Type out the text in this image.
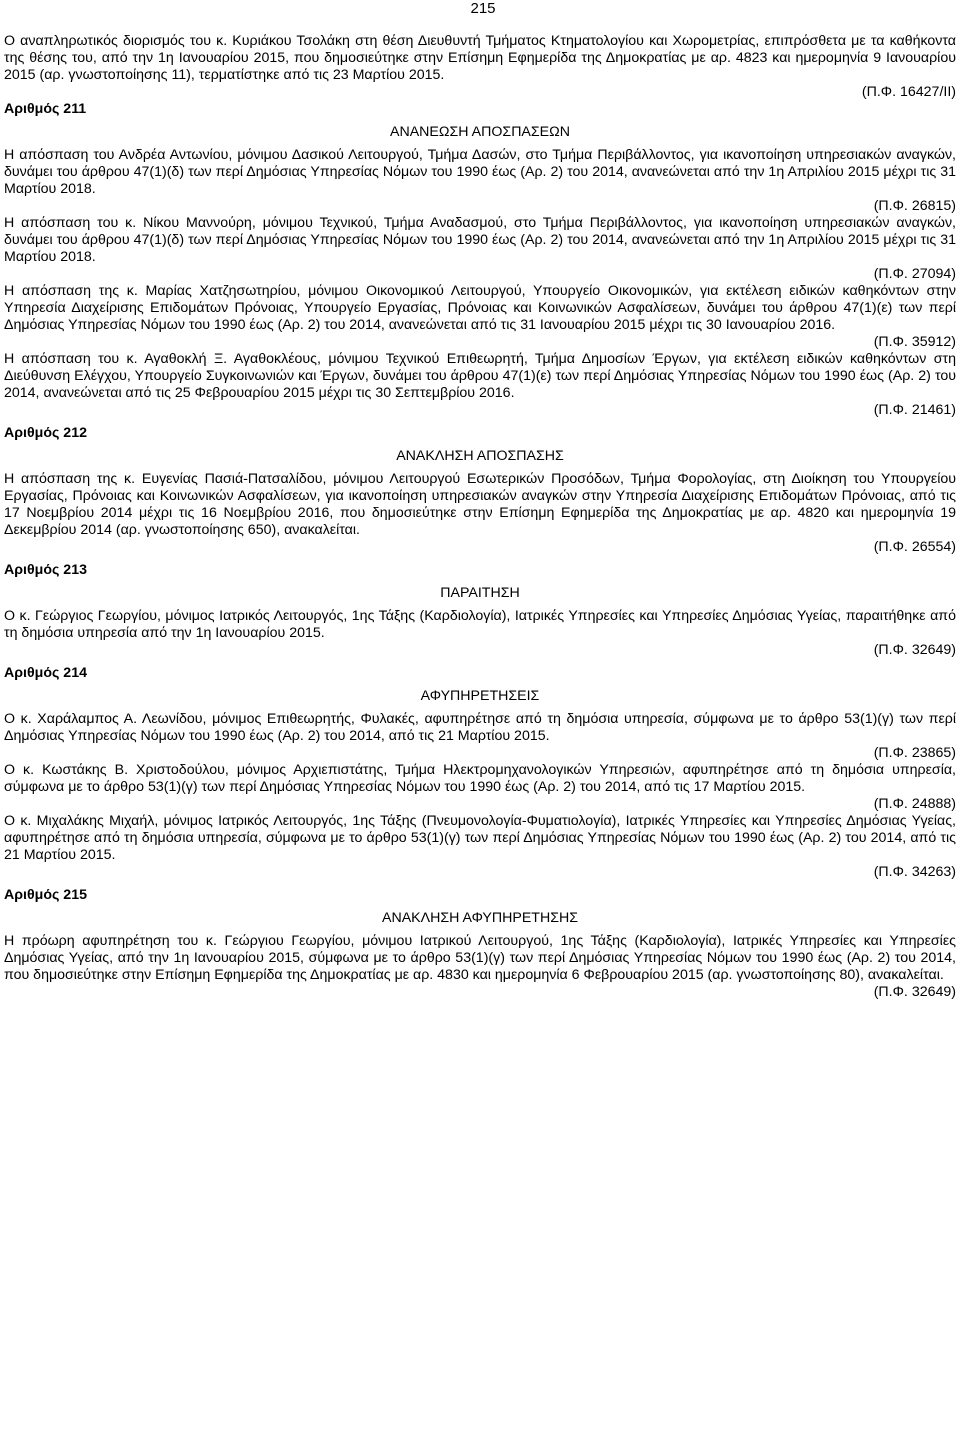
215

Ο αναπληρωτικός διορισμός του κ. Κυριάκου Τσολάκη στη θέση Διευθυντή Τμήματος Κτηματολογίου και Χωρομετρίας, επιπρόσθετα με τα καθήκοντα της θέσης του, από την 1η Ιανουαρίου 2015, που δημοσιεύτηκε στην Επίσημη Εφημερίδα της Δημοκρατίας με αρ. 4823 και ημερομηνία 9 Ιανουαρίου 2015 (αρ. γνωστοποίησης 11), τερματίστηκε από τις 23 Μαρτίου 2015.

(Π.Φ. 16427/ΙΙ)
Αριθμός 211
ΑΝΑΝΕΩΣΗ ΑΠΟΣΠΑΣΕΩΝ

Η απόσπαση του Ανδρέα Αντωνίου, μόνιμου Δασικού Λειτουργού, Τμήμα Δασών, στο Τμήμα Περιβάλλοντος, για ικανοποίηση υπηρεσιακών αναγκών, δυνάμει του άρθρου 47(1)(δ) των περί Δημόσιας Υπηρεσίας Νόμων του 1990 έως (Αρ. 2) του 2014, ανανεώνεται από την 1η Απριλίου 2015 μέχρι τις 31 Μαρτίου 2018.

(Π.Φ. 26815)

Η απόσπαση του κ. Νίκου Μαννούρη, μόνιμου Τεχνικού, Τμήμα Αναδασμού, στο Τμήμα Περιβάλλοντος, για ικανοποίηση υπηρεσιακών αναγκών, δυνάμει του άρθρου 47(1)(δ) των περί Δημόσιας Υπηρεσίας Νόμων του 1990 έως (Αρ. 2) του 2014, ανανεώνεται από την 1η Απριλίου 2015 μέχρι τις 31 Μαρτίου 2018.

(Π.Φ. 27094)

Η απόσπαση της κ. Μαρίας Χατζησωτηρίου, μόνιμου Οικονομικού Λειτουργού, Υπουργείο Οικονομικών, για εκτέλεση ειδικών καθηκόντων στην Υπηρεσία Διαχείρισης Επιδομάτων Πρόνοιας, Υπουργείο Εργασίας, Πρόνοιας και Κοινωνικών Ασφαλίσεων, δυνάμει του άρθρου 47(1)(ε) των περί Δημόσιας Υπηρεσίας Νόμων του 1990 έως (Αρ. 2) του 2014, ανανεώνεται από τις 31 Ιανουαρίου 2015 μέχρι τις 30 Ιανουαρίου 2016.

(Π.Φ. 35912)

Η απόσπαση του κ. Αγαθοκλή Ξ. Αγαθοκλέους, μόνιμου Τεχνικού Επιθεωρητή, Τμήμα Δημοσίων Έργων, για εκτέλεση ειδικών καθηκόντων στη Διεύθυνση Ελέγχου, Υπουργείο Συγκοινωνιών και Έργων, δυνάμει του άρθρου 47(1)(ε) των περί Δημόσιας Υπηρεσίας Νόμων του 1990 έως (Αρ. 2) του 2014, ανανεώνεται από τις 25 Φεβρουαρίου 2015 μέχρι τις 30 Σεπτεμβρίου 2016.

(Π.Φ. 21461)
Αριθμός 212
ΑΝΑΚΛΗΣΗ ΑΠΟΣΠΑΣΗΣ

Η απόσπαση της κ. Ευγενίας Πασιά-Πατσαλίδου, μόνιμου Λειτουργού Εσωτερικών Προσόδων, Τμήμα Φορολογίας, στη Διοίκηση του Υπουργείου Εργασίας, Πρόνοιας και Κοινωνικών Ασφαλίσεων, για ικανοποίηση υπηρεσιακών αναγκών στην Υπηρεσία Διαχείρισης Επιδομάτων Πρόνοιας, από τις 17 Νοεμβρίου 2014 μέχρι τις 16 Νοεμβρίου 2016, που δημοσιεύτηκε στην Επίσημη Εφημερίδα της Δημοκρατίας με αρ. 4820 και ημερομηνία 19 Δεκεμβρίου 2014 (αρ. γνωστοποίησης 650), ανακαλείται.

(Π.Φ. 26554)
Αριθμός 213
ΠΑΡΑΙΤΗΣΗ

Ο κ. Γεώργιος Γεωργίου, μόνιμος Ιατρικός Λειτουργός, 1ης Τάξης (Καρδιολογία), Ιατρικές Υπηρεσίες και Υπηρεσίες Δημόσιας Υγείας, παραιτήθηκε από τη δημόσια υπηρεσία από την 1η Ιανουαρίου 2015.

(Π.Φ. 32649)
Αριθμός 214
ΑΦΥΠΗΡΕΤΗΣΕΙΣ

Ο κ. Χαράλαμπος Α. Λεωνίδου, μόνιμος Επιθεωρητής, Φυλακές, αφυπηρέτησε από τη δημόσια υπηρεσία, σύμφωνα με το άρθρο 53(1)(γ) των περί Δημόσιας Υπηρεσίας Νόμων του 1990 έως (Αρ. 2) του 2014, από τις 21 Μαρτίου 2015.

(Π.Φ. 23865)

Ο κ. Κωστάκης Β. Χριστοδούλου, μόνιμος Αρχιεπιστάτης, Τμήμα Ηλεκτρομηχανολογικών Υπηρεσιών, αφυπηρέτησε από τη δημόσια υπηρεσία, σύμφωνα με το άρθρο 53(1)(γ) των περί Δημόσιας Υπηρεσίας Νόμων του 1990 έως (Αρ. 2) του 2014, από τις 17 Μαρτίου 2015.

(Π.Φ. 24888)

Ο κ. Μιχαλάκης Μιχαήλ, μόνιμος Ιατρικός Λειτουργός, 1ης Τάξης (Πνευμονολογία-Φυματιολογία), Ιατρικές Υπηρεσίες και Υπηρεσίες Δημόσιας Υγείας, αφυπηρέτησε από τη δημόσια υπηρεσία, σύμφωνα με το άρθρο 53(1)(γ) των περί Δημόσιας Υπηρεσίας Νόμων του 1990 έως (Αρ. 2) του 2014, από τις 21 Μαρτίου 2015.

(Π.Φ. 34263)
Αριθμός 215
ΑΝΑΚΛΗΣΗ ΑΦΥΠΗΡΕΤΗΣΗΣ

Η πρόωρη αφυπηρέτηση του κ. Γεώργιου Γεωργίου, μόνιμου Ιατρικού Λειτουργού, 1ης Τάξης (Καρδιολογία), Ιατρικές Υπηρεσίες και Υπηρεσίες Δημόσιας Υγείας, από την 1η Ιανουαρίου 2015, σύμφωνα με το άρθρο 53(1)(γ) των περί Δημόσιας Υπηρεσίας Νόμων του 1990 έως (Αρ. 2) του 2014, που δημοσιεύτηκε στην Επίσημη Εφημερίδα της Δημοκρατίας με αρ. 4830 και ημερομηνία 6 Φεβρουαρίου 2015 (αρ. γνωστοποίησης 80), ανακαλείται.

(Π.Φ. 32649)
